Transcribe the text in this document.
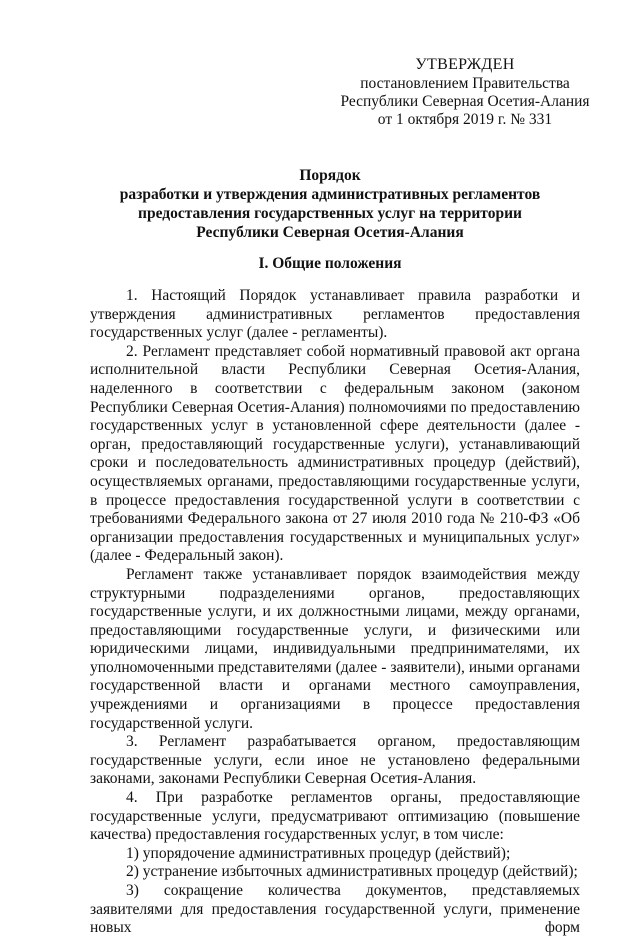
УТВЕРЖДЕН
постановлением Правительства
Республики Северная Осетия-Алания
от 1 октября 2019 г. № 331
Порядок
разработки и утверждения административных регламентов
предоставления государственных услуг на территории
Республики Северная Осетия-Алания
I. Общие положения

1. Настоящий Порядок устанавливает правила разработки и утверждения административных регламентов предоставления государственных услуг (далее - регламенты).

2. Регламент представляет собой нормативный правовой акт органа исполнительной власти Республики Северная Осетия-Алания, наделенного в соответствии с федеральным законом (законом Республики Северная Осетия-Алания) полномочиями по предоставлению государственных услуг в установленной сфере деятельности (далее - орган, предоставляющий государственные услуги), устанавливающий сроки и последовательность административных процедур (действий), осуществляемых органами, предоставляющими государственные услуги, в процессе предоставления государственной услуги в соответствии с требованиями Федерального закона от 27 июля 2010 года № 210-ФЗ «Об организации предоставления государственных и муниципальных услуг» (далее - Федеральный закон).

Регламент также устанавливает порядок взаимодействия между структурными подразделениями органов, предоставляющих государственные услуги, и их должностными лицами, между органами, предоставляющими государственные услуги, и физическими или юридическими лицами, индивидуальными предпринимателями, их уполномоченными представителями (далее - заявители), иными органами государственной власти и органами местного самоуправления, учреждениями и организациями в процессе предоставления государственной услуги.

3. Регламент разрабатывается органом, предоставляющим государственные услуги, если иное не установлено федеральными законами, законами Республики Северная Осетия-Алания.

4. При разработке регламентов органы, предоставляющие государственные услуги, предусматривают оптимизацию (повышение качества) предоставления государственных услуг, в том числе:

1) упорядочение административных процедур (действий);

2) устранение избыточных административных процедур (действий);

3) сокращение количества документов, представляемых заявителями для предоставления государственной услуги, применение новых форм
